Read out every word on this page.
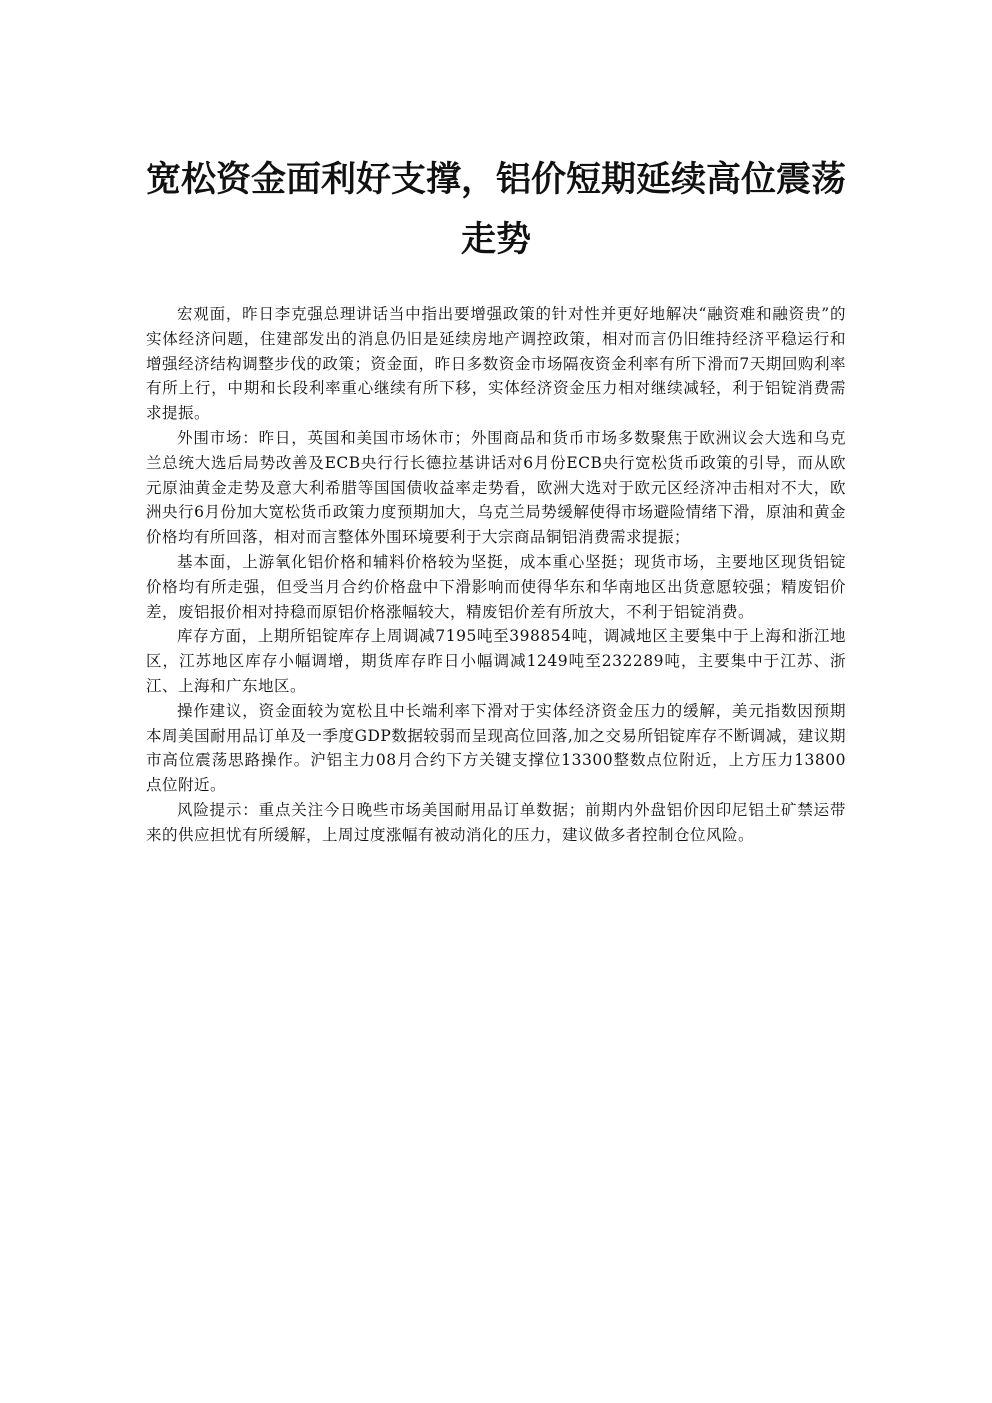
宽松资金面利好支撑，铝价短期延续高位震荡走势

宏观面，昨日李克强总理讲话当中指出要增强政策的针对性并更好地解决“融资难和融资贵”的实体经济问题，住建部发出的消息仍旧是延续房地产调控政策，相对而言仍旧维持经济平稳运行和增强经济结构调整步伐的政策；资金面，昨日多数资金市场隔夜资金利率有所下滑而7天期回购利率有所上行，中期和长段利率重心继续有所下移，实体经济资金压力相对继续减轻，利于铝锭消费需求提振。

外围市场：昨日，英国和美国市场休市；外围商品和货币市场多数聚焦于欧洲议会大选和乌克兰总统大选后局势改善及ECB央行行长德拉基讲话对6月份ECB央行宽松货币政策的引导，而从欧元原油黄金走势及意大利希腊等国国债收益率走势看，欧洲大选对于欧元区经济冲击相对不大，欧洲央行6月份加大宽松货币政策力度预期加大，乌克兰局势缓解使得市场避险情绪下滑，原油和黄金价格均有所回落，相对而言整体外围环境要利于大宗商品铜铝消费需求提振；

基本面，上游氧化铝价格和辅料价格较为坚挺，成本重心坚挺；现货市场，主要地区现货铝锭价格均有所走强，但受当月合约价格盘中下滑影响而使得华东和华南地区出货意愿较强；精废铝价差，废铝报价相对持稳而原铝价格涨幅较大，精废铝价差有所放大，不利于铝锭消费。

库存方面，上期所铝锭库存上周调减7195吨至398854吨，调减地区主要集中于上海和浙江地区，江苏地区库存小幅调增，期货库存昨日小幅调减1249吨至232289吨，主要集中于江苏、浙江、上海和广东地区。

操作建议，资金面较为宽松且中长端利率下滑对于实体经济资金压力的缓解，美元指数因预期本周美国耐用品订单及一季度GDP数据较弱而呈现高位回落,加之交易所铝锭库存不断调减，建议期市高位震荡思路操作。沪铝主力08月合约下方关键支撑位13300整数点位附近，上方压力13800点位附近。

风险提示：重点关注今日晚些市场美国耐用品订单数据；前期内外盘铝价因印尼铝土矿禁运带来的供应担忧有所缓解，上周过度涨幅有被动消化的压力，建议做多者控制仓位风险。
